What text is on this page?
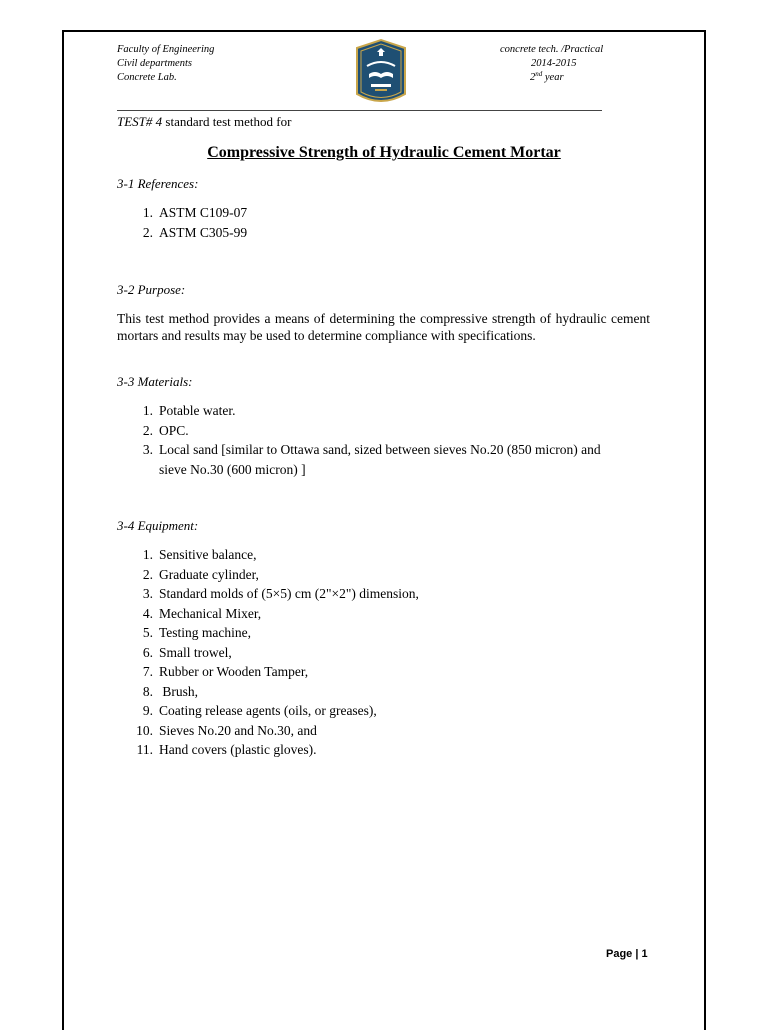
Faculty of Engineering
Civil departments
Concrete Lab.
concrete tech. /Practical
2014-2015
2nd year
TEST# 4 standard test method for
Compressive Strength of Hydraulic Cement Mortar
3-1 References:
1. ASTM C109-07
2. ASTM C305-99
3-2 Purpose:

This test method provides a means of determining the compressive strength of hydraulic cement mortars and results may be used to determine compliance with specifications.

3-3 Materials:
1. Potable water.
2. OPC.
3. Local sand [similar to Ottawa sand, sized between sieves No.20 (850 micron) and sieve No.30 (600 micron) ]
3-4 Equipment:
1. Sensitive balance,
2. Graduate cylinder,
3. Standard molds of (5×5) cm (2"×2") dimension,
4. Mechanical Mixer,
5. Testing machine,
6. Small trowel,
7. Rubber or Wooden Tamper,
8. Brush,
9. Coating release agents (oils, or greases),
10. Sieves No.20 and No.30, and
11. Hand covers (plastic gloves).
Page | 1
